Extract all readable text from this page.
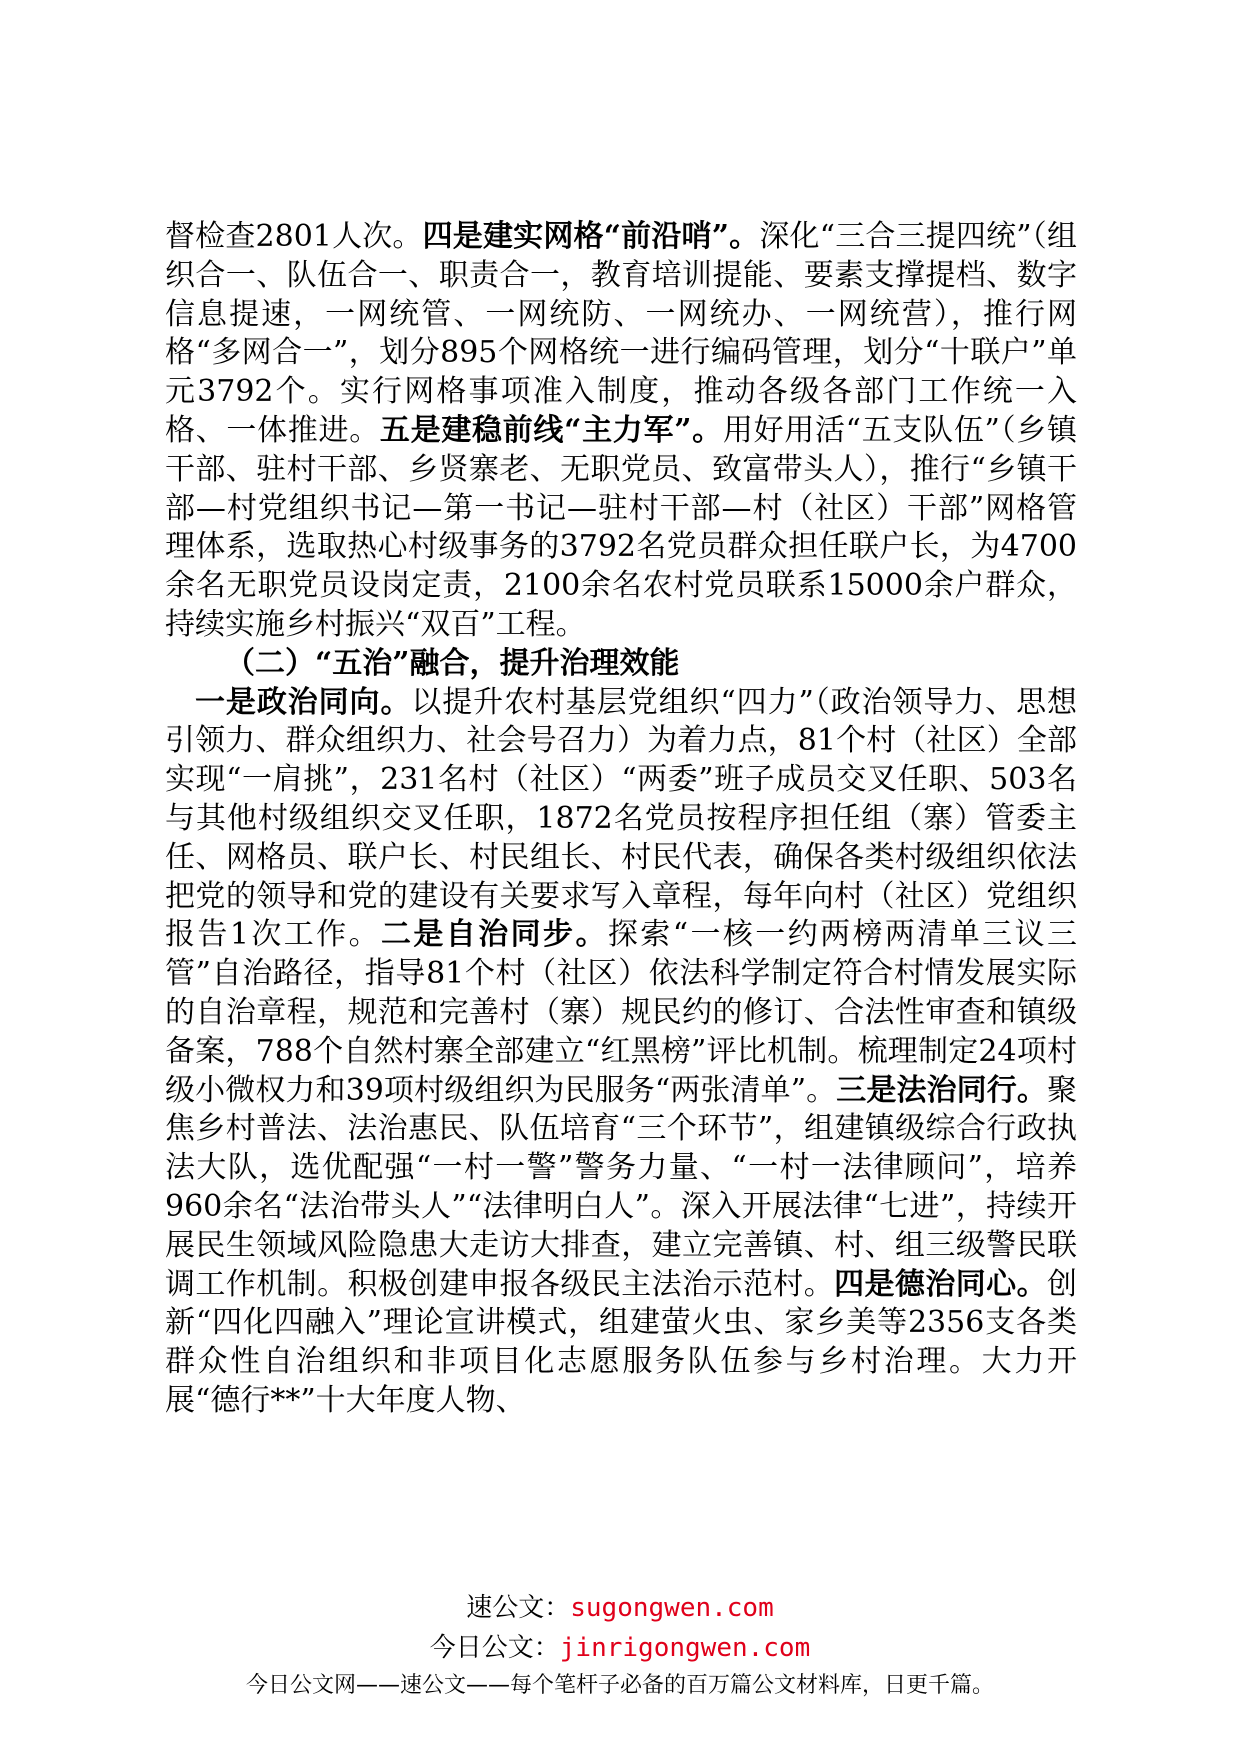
督检查2801人次。四是建实网格“前沿哨”。深化“三合三提四统”（组织合一、队伍合一、职责合一，教育培训提能、要素支撑提档、数字信息提速，一网统管、一网统防、一网统办、一网统营），推行网格“多网合一”，划分895个网格统一进行编码管理，划分“十联户”单元3792个。实行网格事项准入制度，推动各级各部门工作统一入格、一体推进。五是建稳前线“主力军”。用好用活“五支队伍”（乡镇干部、驻村干部、乡贤寨老、无职党员、致富带头人），推行“乡镇干部—村党组织书记—第一书记—驻村干部—村（社区）干部”网格管理体系，选取热心村级事务的3792名党员群众担任联户长，为4700余名无职党员设岗定责，2100余名农村党员联系15000余户群众，持续实施乡村振兴“双百”工程。

（二）“五治”融合，提升治理效能

一是政治同向。以提升农村基层党组织“四力”（政治领导力、思想引领力、群众组织力、社会号召力）为着力点，81个村（社区）全部实现“一肩挑”，231名村（社区）“两委”班子成员交叉任职、503名与其他村级组织交叉任职，1872名党员按程序担任组（寨）管委主任、网格员、联户长、村民组长、村民代表，确保各类村级组织依法把党的领导和党的建设有关要求写入章程，每年向村（社区）党组织报告1次工作。二是自治同步。探索“一核一约两榜两清单三议三管”自治路径，指导81个村（社区）依法科学制定符合村情发展实际的自治章程，规范和完善村（寨）规民约的修订、合法性审查和镇级备案，788个自然村寨全部建立“红黑榜”评比机制。梳理制定24项村级小微权力和39项村级组织为民服务“两张清单”。三是法治同行。聚焦乡村普法、法治惠民、队伍培育“三个环节”，组建镇级综合行政执法大队，选优配强“一村一警”警务力量、“一村一法律顾问”，培养960余名“法治带头人”“法律明白人”。深入开展法律“七进”，持续开展民生领域风险隐患大走访大排查，建立完善镇、村、组三级警民联调工作机制。积极创建申报各级民主法治示范村。四是德治同心。创新“四化四融入”理论宣讲模式，组建萤火虫、家乡美等2356支各类群众性自治组织和非项目化志愿服务队伍参与乡村治理。大力开展“德行**”十大年度人物、

速公文：sugongwen.com
今日公文：jinrigongwen.com
今日公文网——速公文——每个笔杆子必备的百万篇公文材料库，日更千篇。
